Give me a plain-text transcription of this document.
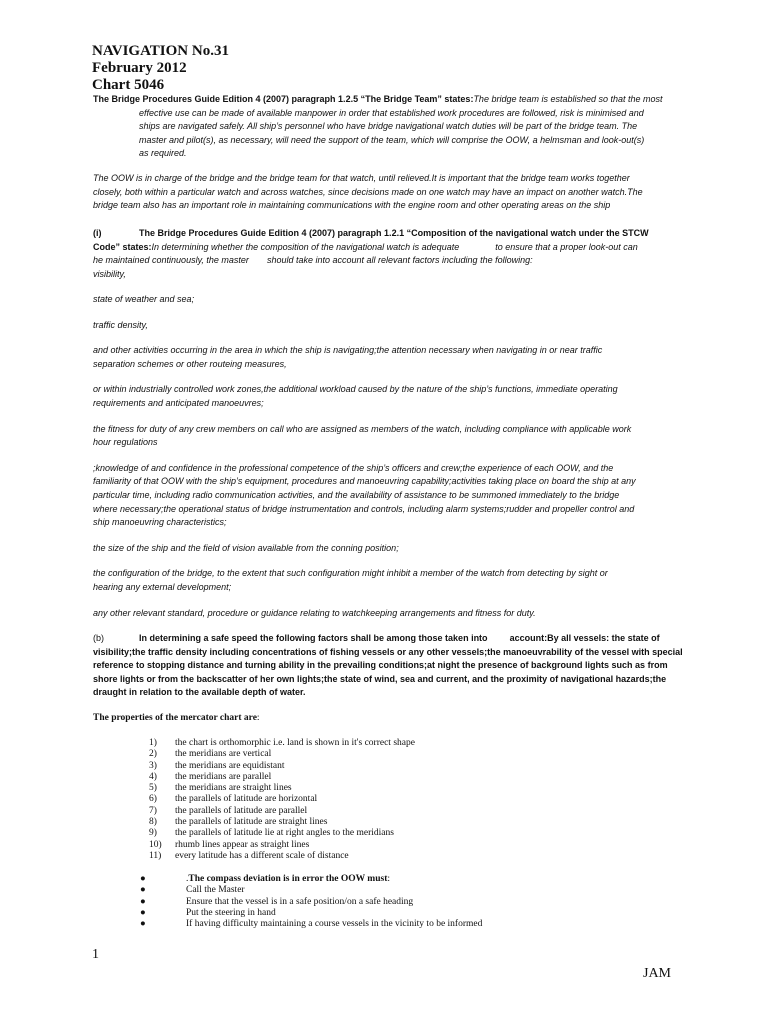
NAVIGATION No.31
February 2012
Chart 5046
The Bridge Procedures Guide Edition 4 (2007) paragraph 1.2.5 “The Bridge Team” states:The bridge team is established so that the most
effective use can be made of available manpower in order that established work procedures are followed, risk is minimised and
ships are navigated safely. All ship’s personnel who have bridge navigational watch duties will be part of the bridge team. The
master and pilot(s), as necessary, will need the support of the team, which will comprise the OOW, a helmsman and look-out(s)
as required.
The OOW is in charge of the bridge and the bridge team for that watch, until relieved.It is important that the bridge team works together
closely, both within a particular watch and across watches, since decisions made on one watch may have an impact on another watch.The
bridge team also has an important role in maintaining communications with the engine room and other operating areas on the ship
(i)	The Bridge Procedures Guide Edition 4 (2007) paragraph 1.2.1 “Composition of the navigational watch under the STCW
Code” states:In determining whether the composition of the navigational watch is adequate	to ensure that a proper look-out can
he maintained continuously, the master should take into account all relevant factors including the following:
visibility,
state of weather and sea;
traffic density,
and other activities occurring in the area in which the ship is navigating;the attention necessary when navigating in or near traffic
separation schemes or other routeing measures,
or within industrially controlled work zones,the additional workload caused by the nature of the ship’s functions, immediate operating
requirements and anticipated manoeuvres;
the fitness for duty of any crew members on call who are assigned as members of the watch, including compliance with applicable work
hour regulations
;knowledge of and confidence in the professional competence of the ship’s officers and crew;the experience of each OOW, and the
familiarity of that OOW with the ship’s equipment, procedures and manoeuvring capability;activities taking place on board the ship at any
particular time, including radio communication activities, and the availability of assistance to be summoned immediately to the bridge
where necessary;the operational status of bridge instrumentation and controls, including alarm systems;rudder and propeller control and
ship manoeuvring characteristics;
the size of the ship and the field of vision available from the conning position;
the configuration of the bridge, to the extent that such configuration might inhibit a member of the watch from detecting by sight or
hearing any external development;
any other relevant standard, procedure or guidance relating to watchkeeping arrangements and fitness for duty.
(b)	In determining a safe speed the following factors shall be among those taken into account:By all vessels: the state of
visibility;the traffic density including concentrations of fishing vessels or any other vessels;the manoeuvrability of the vessel with special
reference to stopping distance and turning ability in the prevailing conditions;at night the presence of background lights such as from
shore lights or from the backscatter of her own lights;the state of wind, sea and current, and the proximity of navigational hazards;the
draught in relation to the available depth of water.
The properties of the mercator chart are:
1) the chart is orthomorphic i.e. land is shown in it's correct shape
2) the meridians are vertical
3) the meridians are equidistant
4) the meridians are parallel
5) the meridians are straight lines
6) the parallels of latitude are horizontal
7) the parallels of latitude are parallel
8) the parallels of latitude are straight lines
9) the parallels of latitude lie at right angles to the meridians
10) rhumb lines appear as straight lines
11) every latitude has a different scale of distance
●	.The compass deviation is in error the OOW must:
●	Call the Master
●	Ensure that the vessel is in a safe position/on a safe heading
●	Put the steering in hand
●	If having difficulty maintaining a course vessels in the vicinity to be informed
1
JAM
